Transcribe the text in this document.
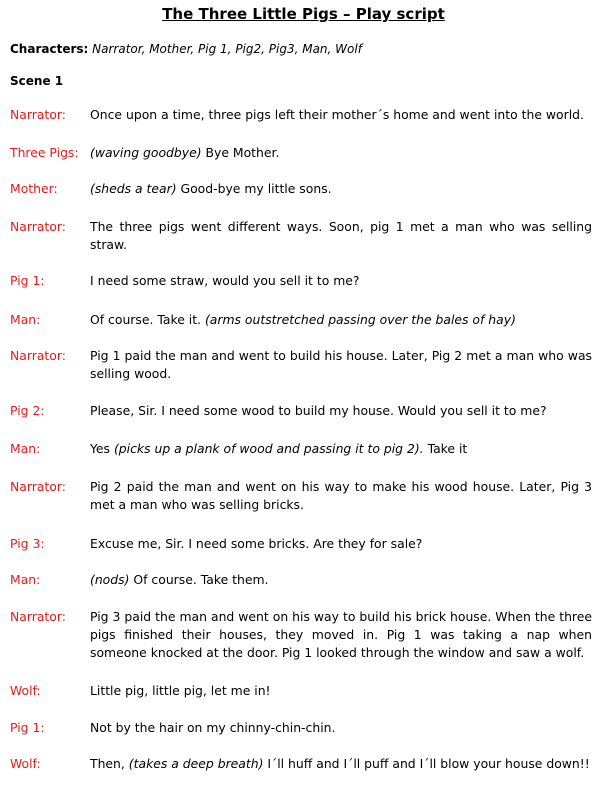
The Three Little Pigs – Play script
Characters: Narrator, Mother, Pig 1, Pig2, Pig3, Man, Wolf
Scene 1
Narrator: Once upon a time, three pigs left their mother´s home and went into the world.
Three Pigs: (waving goodbye) Bye Mother.
Mother:	(sheds a tear) Good-bye my little sons.
Narrator: The three pigs went different ways. Soon, pig 1 met a man who was selling straw.
Pig 1:	I need some straw, would you sell it to me?
Man:	Of course. Take it. (arms outstretched passing over the bales of hay)
Narrator: Pig 1 paid the man and went to build his house. Later, Pig 2 met a man who was selling wood.
Pig 2:	Please, Sir. I need some wood to build my house. Would you sell it to me?
Man:	Yes (picks up a plank of wood and passing it to pig 2). Take it
Narrator: Pig 2 paid the man and went on his way to make his wood house. Later, Pig 3 met a man who was selling bricks.
Pig 3:	Excuse me, Sir. I need some bricks. Are they for sale?
Man:	(nods) Of course. Take them.
Narrator: Pig 3 paid the man and went on his way to build his brick house. When the three pigs finished their houses, they moved in. Pig 1 was taking a nap when someone knocked at the door. Pig 1 looked through the window and saw a wolf.
Wolf:	Little pig, little pig, let me in!
Pig 1:	Not by the hair on my chinny-chin-chin.
Wolf:	Then, (takes a deep breath) I´ll huff and I´ll puff and I´ll blow your house down!!
